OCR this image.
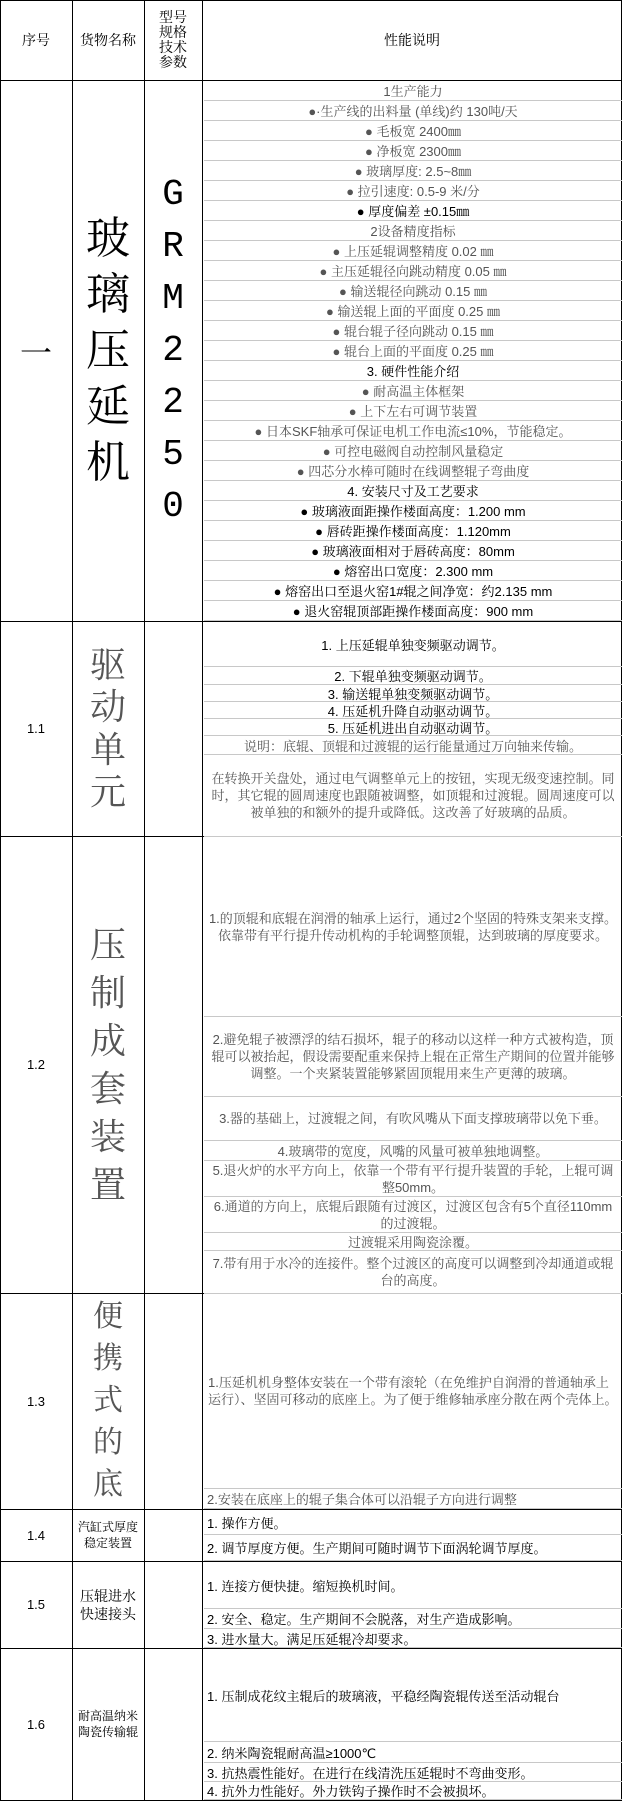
序号	货物名称
型号
规格
技术
参数
性能说明
一
玻璃压延机
GRM2250
1生产能力
●·生产线的出料量 (单线)约 130吨/天
● 毛板宽 2400㎜
● 净板宽 2300㎜
● 玻璃厚度: 2.5~8㎜
● 拉引速度: 0.5-9 米/分
● 厚度偏差 ±0.15㎜
2设备精度指标
● 上压延辊调整精度 0.02 ㎜
● 主压延辊径向跳动精度 0.05 ㎜
● 输送辊径向跳动 0.15 ㎜
● 输送辊上面的平面度 0.25 ㎜
● 辊台辊子径向跳动 0.15 ㎜
● 辊台上面的平面度 0.25 ㎜
3. 硬件性能介绍
● 耐高温主体框架
● 上下左右可调节装置
● 日本SKF轴承可保证电机工作电流≤10%，节能稳定。
● 可控电磁阀自动控制风量稳定
● 四芯分水棒可随时在线调整辊子弯曲度
4. 安装尺寸及工艺要求
● 玻璃液面距操作楼面高度：1.200 mm
● 唇砖距操作楼面高度：1.120mm
● 玻璃液面相对于唇砖高度：80mm
● 熔窑出口宽度：2.300 mm
● 熔窑出口至退火窑1#辊之间净宽：约2.135 mm
● 退火窑辊顶部距操作楼面高度：900 mm
1.1
驱动单元
1. 上压延辊单独变频驱动调节。
2. 下辊单独变频驱动调节。
3. 输送辊单独变频驱动调节。
4. 压延机升降自动驱动调节。
5. 压延机进出自动驱动调节。
说明：底辊、顶辊和过渡辊的运行能量通过万向轴来传输。
在转换开关盘处，通过电气调整单元上的按钮，实现无级变速控制。同时，其它辊的圆周速度也跟随被调整，如顶辊和过渡辊。圆周速度可以被单独的和额外的提升或降低。这改善了好玻璃的品质。
1.2
压制成套装置
1.的顶辊和底辊在润滑的轴承上运行，通过2个坚固的特殊支架来支撑。依靠带有平行提升传动机构的手轮调整顶辊，达到玻璃的厚度要求。
2.避免辊子被漂浮的结石损坏，辊子的移动以这样一种方式被构造，顶辊可以被抬起，假设需要配重来保持上辊在正常生产期间的位置并能够调整。一个夹紧装置能够紧固顶辊用来生产更薄的玻璃。
3.器的基础上，过渡辊之间，有吹风嘴从下面支撑玻璃带以免下垂。
4.玻璃带的宽度，风嘴的风量可被单独地调整。
5.退火炉的水平方向上，依靠一个带有平行提升装置的手轮，上辊可调整50mm。
6.通道的方向上，底辊后跟随有过渡区，过渡区包含有5个直径110mm的过渡辊。
过渡辊采用陶瓷涂覆。
7.带有用于水冷的连接件。整个过渡区的高度可以调整到冷却通道或辊台的高度。
1.3
便携式的底
1.压延机机身整体安装在一个带有滚轮（在免维护自润滑的普通轴承上运行）、坚固可移动的底座上。为了便于维修轴承座分散在两个壳体上。
2.安装在底座上的辊子集合体可以沿辊子方向进行调整
1.4
汽缸式厚度稳定装置
1. 操作方便。
2. 调节厚度方便。生产期间可随时调节下面涡轮调节厚度。
1.5
压辊进水快速接头
1. 连接方便快捷。缩短换机时间。
2. 安全、稳定。生产期间不会脱落，对生产造成影响。
3. 进水量大。满足压延辊冷却要求。
1.6
耐高温纳米陶瓷传输辊
1. 压制成花纹主辊后的玻璃液，平稳经陶瓷辊传送至活动辊台
2. 纳米陶瓷辊耐高温≥1000℃
3. 抗热震性能好。在进行在线清洗压延辊时不弯曲变形。
4. 抗外力性能好。外力铁钩子操作时不会被损坏。
